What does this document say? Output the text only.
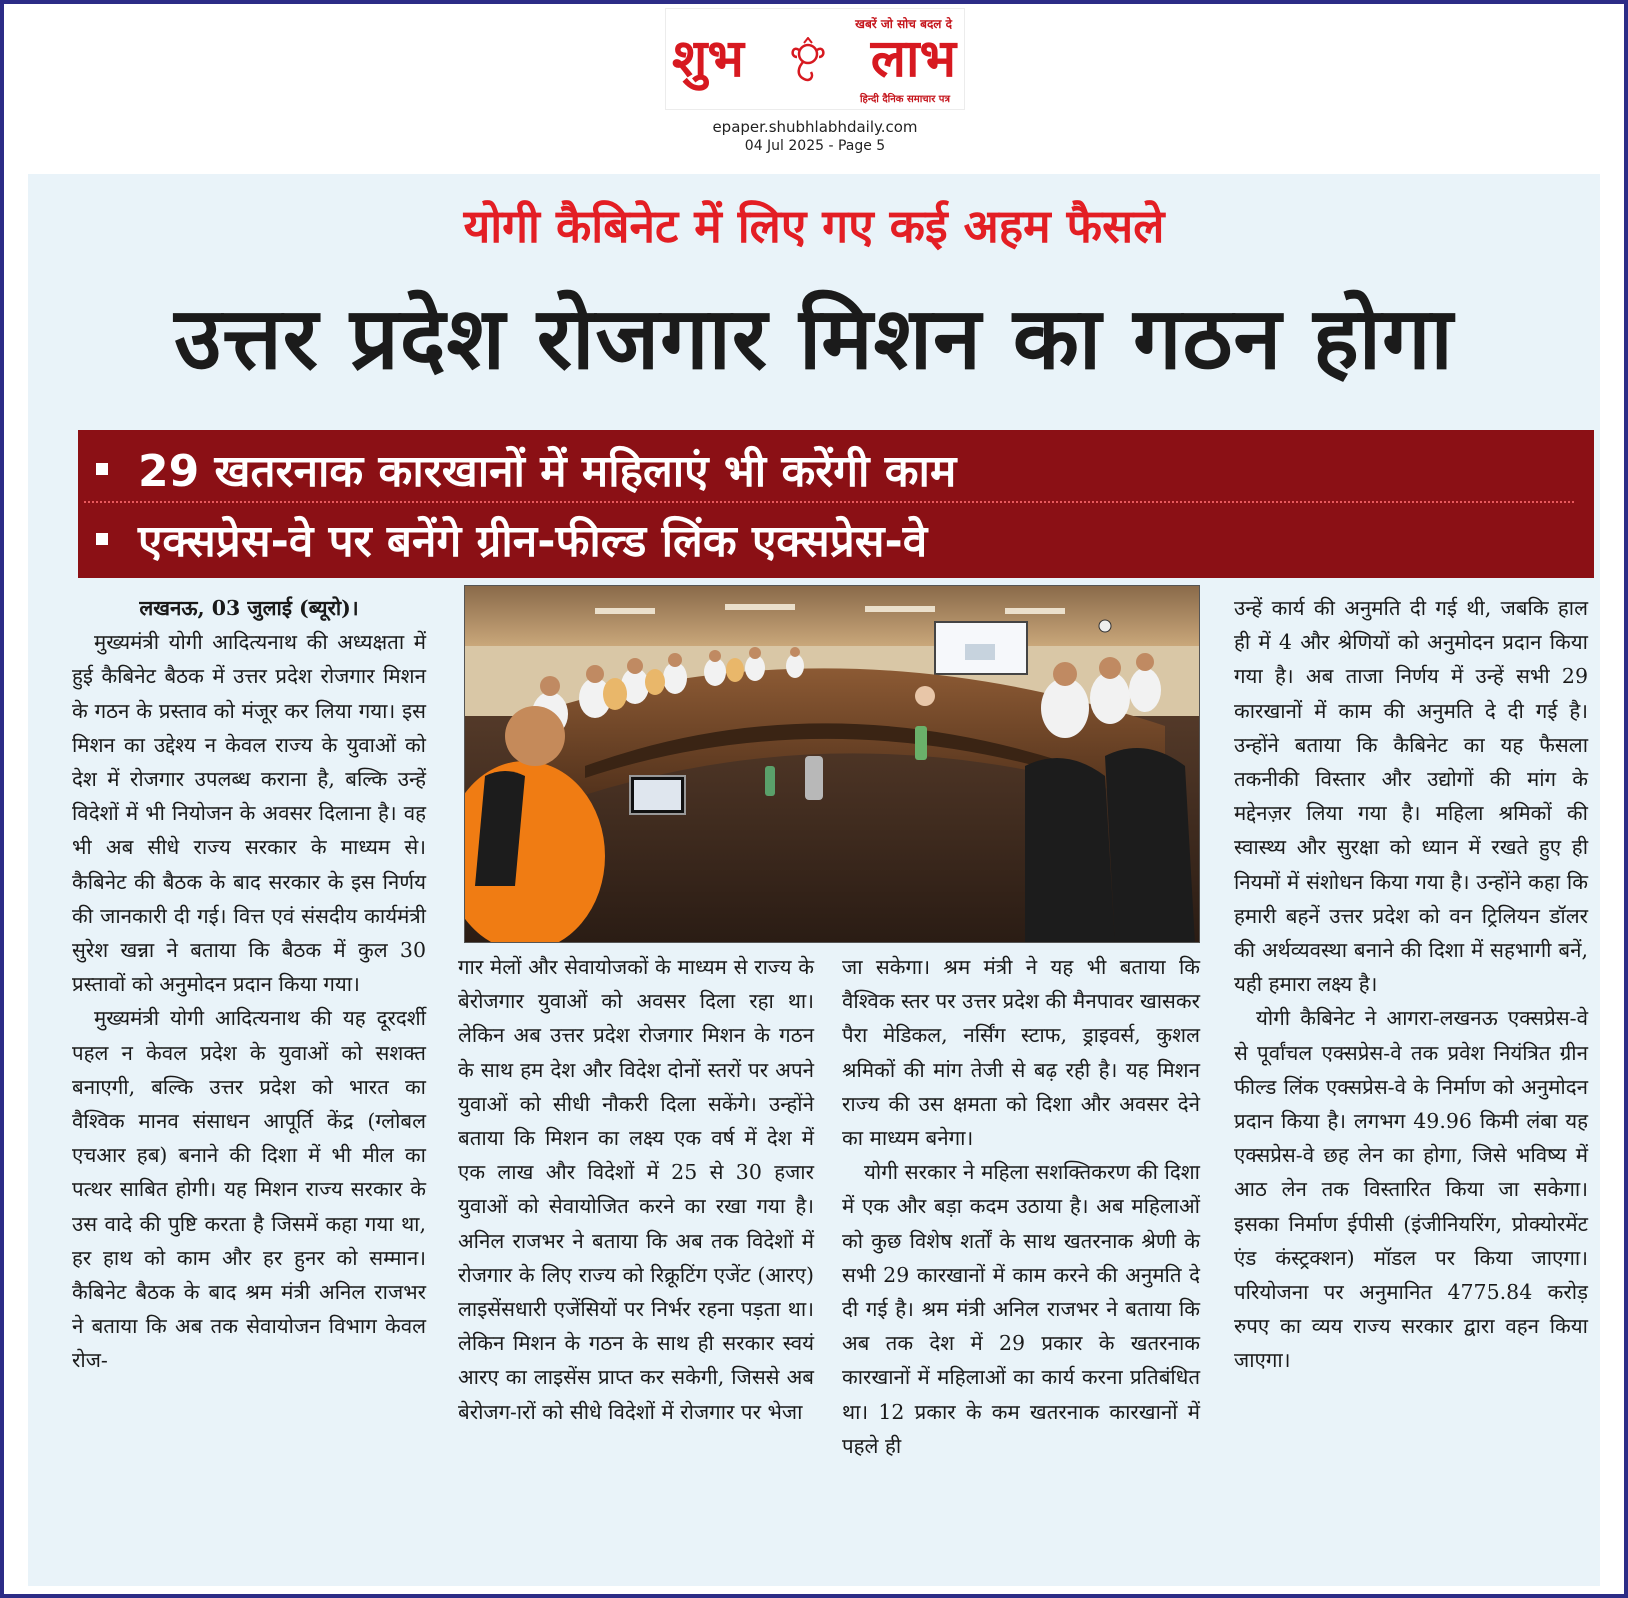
खबरें जो सोच बदल दे
शुभ लाभ
हिन्दी दैनिक समाचार पत्र
epaper.shubhlabhdaily.com
04 Jul 2025 - Page 5
योगी कैबिनेट में लिए गए कई अहम फैसले
उत्तर प्रदेश रोजगार मिशन का गठन होगा
29 खतरनाक कारखानों में महिलाएं भी करेंगी काम
एक्सप्रेस-वे पर बनेंगे ग्रीन-फील्ड लिंक एक्सप्रेस-वे

लखनऊ, 03 जुलाई (ब्यूरो)।

मुख्यमंत्री योगी आदित्यनाथ की अध्यक्षता में हुई कैबिनेट बैठक में उत्तर प्रदेश रोजगार मिशन के गठन के प्रस्ताव को मंजूर कर लिया गया। इस मिशन का उद्देश्य न केवल राज्य के युवाओं को देश में रोजगार उपलब्ध कराना है, बल्कि उन्हें विदेशों में भी नियोजन के अवसर दिलाना है। वह भी अब सीधे राज्य सरकार के माध्यम से। कैबिनेट की बैठक के बाद सरकार के इस निर्णय की जानकारी दी गई। वित्त एवं संसदीय कार्यमंत्री सुरेश खन्ना ने बताया कि बैठक में कुल 30 प्रस्तावों को अनुमोदन प्रदान किया गया।

मुख्यमंत्री योगी आदित्यनाथ की यह दूरदर्शी पहल न केवल प्रदेश के युवाओं को सशक्त बनाएगी, बल्कि उत्तर प्रदेश को भारत का वैश्विक मानव संसाधन आपूर्ति केंद्र (ग्लोबल एचआर हब) बनाने की दिशा में भी मील का पत्थर साबित होगी। यह मिशन राज्य सरकार के उस वादे की पुष्टि करता है जिसमें कहा गया था, हर हाथ को काम और हर हुनर को सम्मान। कैबिनेट बैठक के बाद श्रम मंत्री अनिल राजभर ने बताया कि अब तक सेवायोजन विभाग केवल रोज-

गार मेलों और सेवायोजकों के माध्यम से राज्य के बेरोजगार युवाओं को अवसर दिला रहा था। लेकिन अब उत्तर प्रदेश रोजगार मिशन के गठन के साथ हम देश और विदेश दोनों स्तरों पर अपने युवाओं को सीधी नौकरी दिला सकेंगे। उन्होंने बताया कि मिशन का लक्ष्य एक वर्ष में देश में एक लाख और विदेशों में 25 से 30 हजार युवाओं को सेवायोजित करने का रखा गया है। अनिल राजभर ने बताया कि अब तक विदेशों में रोजगार के लिए राज्य को रिक्रूटिंग एजेंट (आरए) लाइसेंसधारी एजेंसियों पर निर्भर रहना पड़ता था। लेकिन मिशन के गठन के साथ ही सरकार स्वयं आरए का लाइसेंस प्राप्त कर सकेगी, जिससे अब बेरोजग-ारों को सीधे विदेशों में रोजगार पर भेजा

जा सकेगा। श्रम मंत्री ने यह भी बताया कि वैश्विक स्तर पर उत्तर प्रदेश की मैनपावर खासकर पैरा मेडिकल, नर्सिंग स्टाफ, ड्राइवर्स, कुशल श्रमिकों की मांग तेजी से बढ़ रही है। यह मिशन राज्य की उस क्षमता को दिशा और अवसर देने का माध्यम बनेगा।

योगी सरकार ने महिला सशक्तिकरण की दिशा में एक और बड़ा कदम उठाया है। अब महिलाओं को कुछ विशेष शर्तों के साथ खतरनाक श्रेणी के सभी 29 कारखानों में काम करने की अनुमति दे दी गई है। श्रम मंत्री अनिल राजभर ने बताया कि अब तक देश में 29 प्रकार के खतरनाक कारखानों में महिलाओं का कार्य करना प्रतिबंधित था। 12 प्रकार के कम खतरनाक कारखानों में पहले ही

उन्हें कार्य की अनुमति दी गई थी, जबकि हाल ही में 4 और श्रेणियों को अनुमोदन प्रदान किया गया है। अब ताजा निर्णय में उन्हें सभी 29 कारखानों में काम की अनुमति दे दी गई है। उन्होंने बताया कि कैबिनेट का यह फैसला तकनीकी विस्तार और उद्योगों की मांग के मद्देनज़र लिया गया है। महिला श्रमिकों की स्वास्थ्य और सुरक्षा को ध्यान में रखते हुए ही नियमों में संशोधन किया गया है। उन्होंने कहा कि हमारी बहनें उत्तर प्रदेश को वन ट्रिलियन डॉलर की अर्थव्यवस्था बनाने की दिशा में सहभागी बनें, यही हमारा लक्ष्य है।

योगी कैबिनेट ने आगरा-लखनऊ एक्सप्रेस-वे से पूर्वांचल एक्सप्रेस-वे तक प्रवेश नियंत्रित ग्रीन फील्ड लिंक एक्सप्रेस-वे के निर्माण को अनुमोदन प्रदान किया है। लगभग 49.96 किमी लंबा यह एक्सप्रेस-वे छह लेन का होगा, जिसे भविष्य में आठ लेन तक विस्तारित किया जा सकेगा। इसका निर्माण ईपीसी (इंजीनियरिंग, प्रोक्योरमेंट एंड कंस्ट्रक्शन) मॉडल पर किया जाएगा। परियोजना पर अनुमानित 4775.84 करोड़ रुपए का व्यय राज्य सरकार द्वारा वहन किया जाएगा।
